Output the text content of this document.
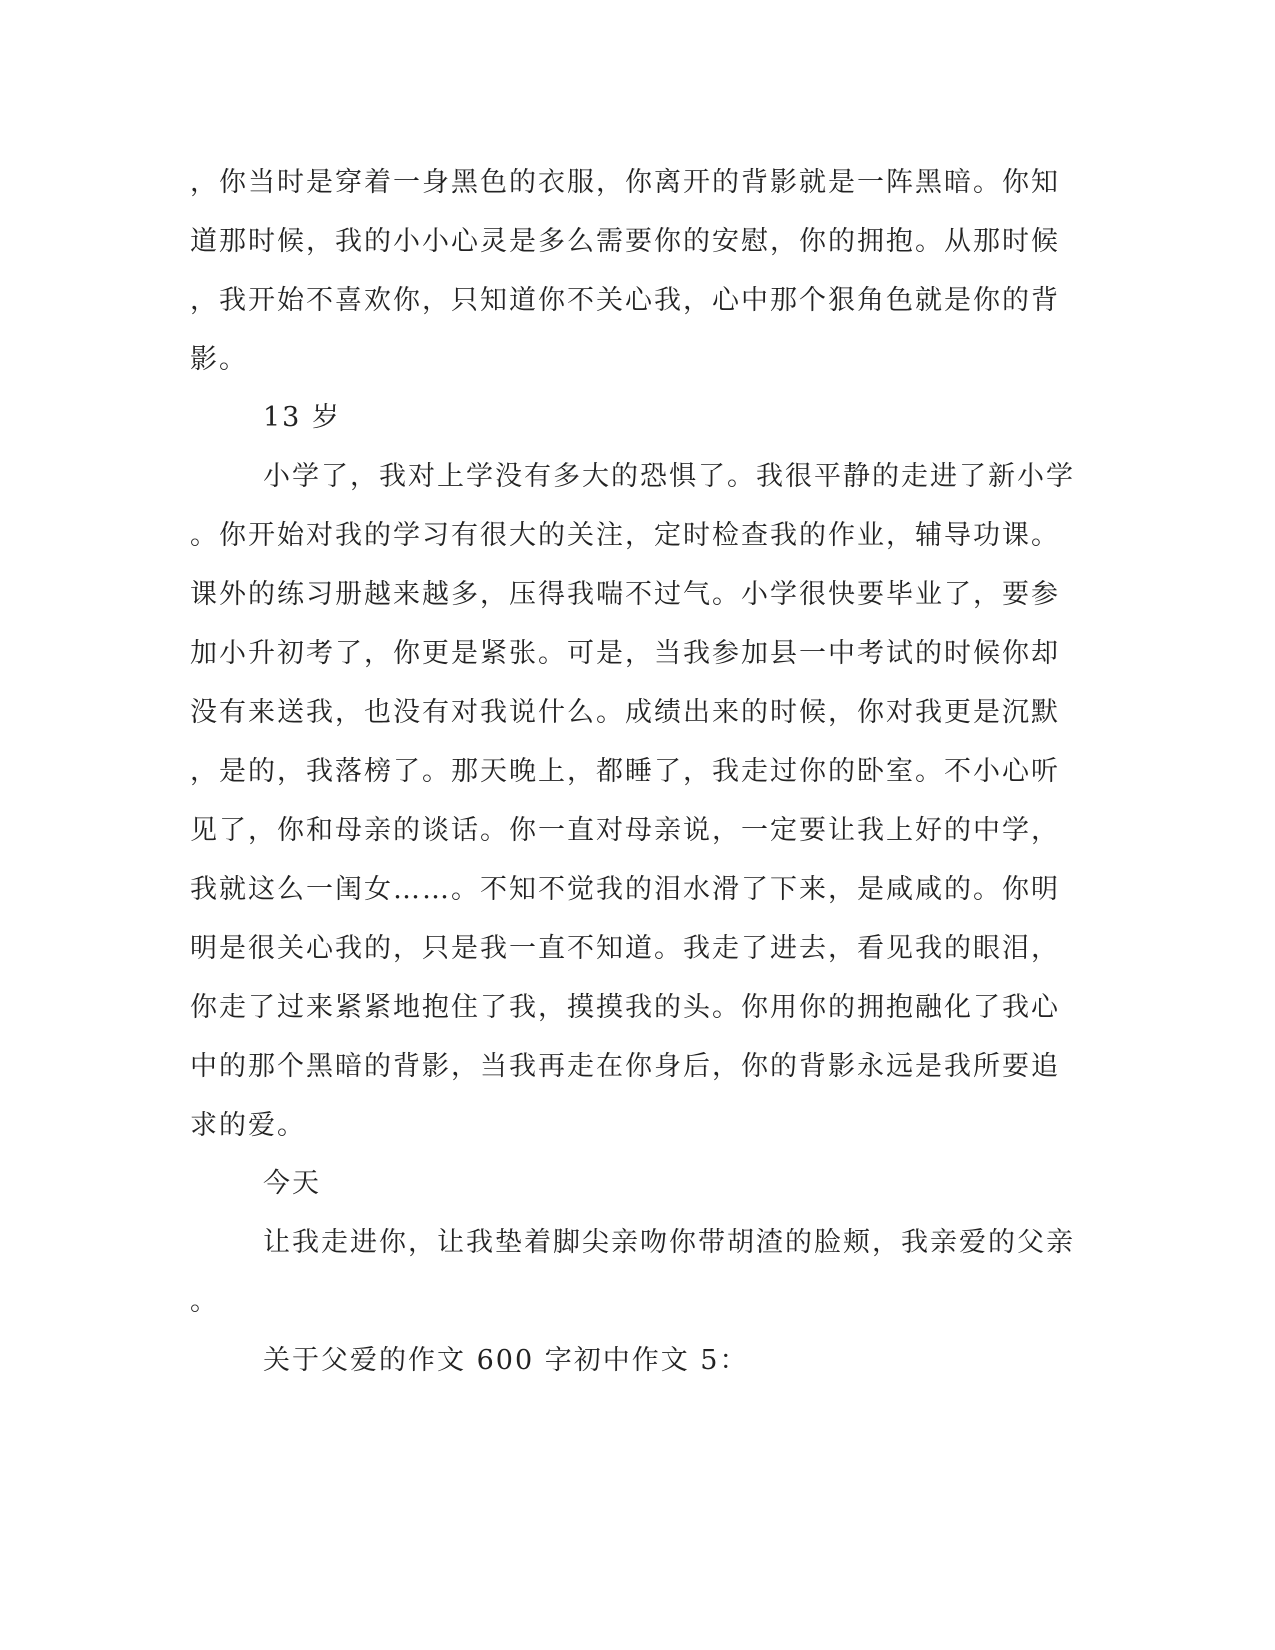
，你当时是穿着一身黑色的衣服，你离开的背影就是一阵黑暗。你知
道那时候，我的小小心灵是多么需要你的安慰，你的拥抱。从那时候
，我开始不喜欢你，只知道你不关心我，心中那个狠角色就是你的背
影。
13 岁
小学了，我对上学没有多大的恐惧了。我很平静的走进了新小学
。你开始对我的学习有很大的关注，定时检查我的作业，辅导功课。
课外的练习册越来越多，压得我喘不过气。小学很快要毕业了，要参
加小升初考了，你更是紧张。可是，当我参加县一中考试的时候你却
没有来送我，也没有对我说什么。成绩出来的时候，你对我更是沉默
，是的，我落榜了。那天晚上，都睡了，我走过你的卧室。不小心听
见了，你和母亲的谈话。你一直对母亲说，一定要让我上好的中学，
我就这么一闺女……。不知不觉我的泪水滑了下来，是咸咸的。你明
明是很关心我的，只是我一直不知道。我走了进去，看见我的眼泪，
你走了过来紧紧地抱住了我，摸摸我的头。你用你的拥抱融化了我心
中的那个黑暗的背影，当我再走在你身后，你的背影永远是我所要追
求的爱。
今天
让我走进你，让我垫着脚尖亲吻你带胡渣的脸颊，我亲爱的父亲
。
关于父爱的作文 600 字初中作文 5：
